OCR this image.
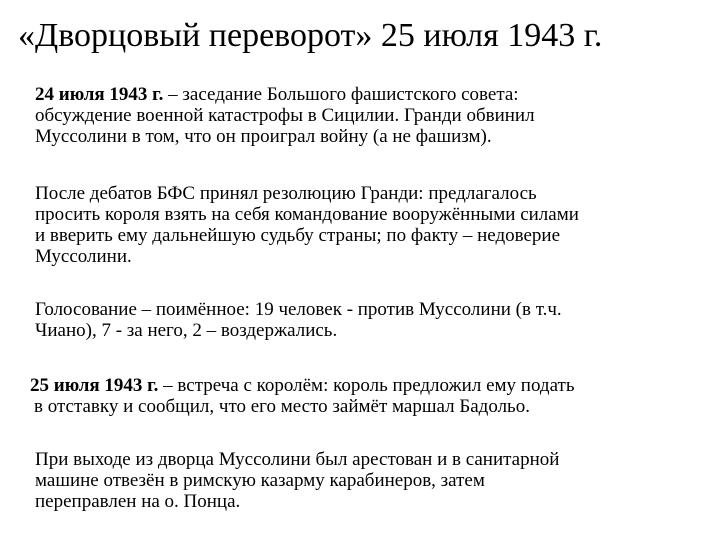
«Дворцовый переворот» 25 июля 1943 г.

24 июля 1943 г. – заседание Большого фашистского совета:
обсуждение военной катастрофы в Сицилии. Гранди обвинил
Муссолини в том, что он проиграл войну (а не фашизм).

После дебатов БФС принял резолюцию Гранди: предлагалось
просить короля взять на себя командование вооружёнными силами
и вверить ему дальнейшую судьбу страны; по факту – недоверие
Муссолини.

Голосование – поимённое: 19 человек - против Муссолини (в т.ч.
Чиано), 7 - за него, 2 – воздержались.

25 июля 1943 г. – встреча с королём: король предложил ему подать
в отставку и сообщил, что его место займёт маршал Бадольо.

При выходе из дворца Муссолини был арестован и в санитарной
машине отвезён в римскую казарму карабинеров, затем
переправлен на о. Понца.
